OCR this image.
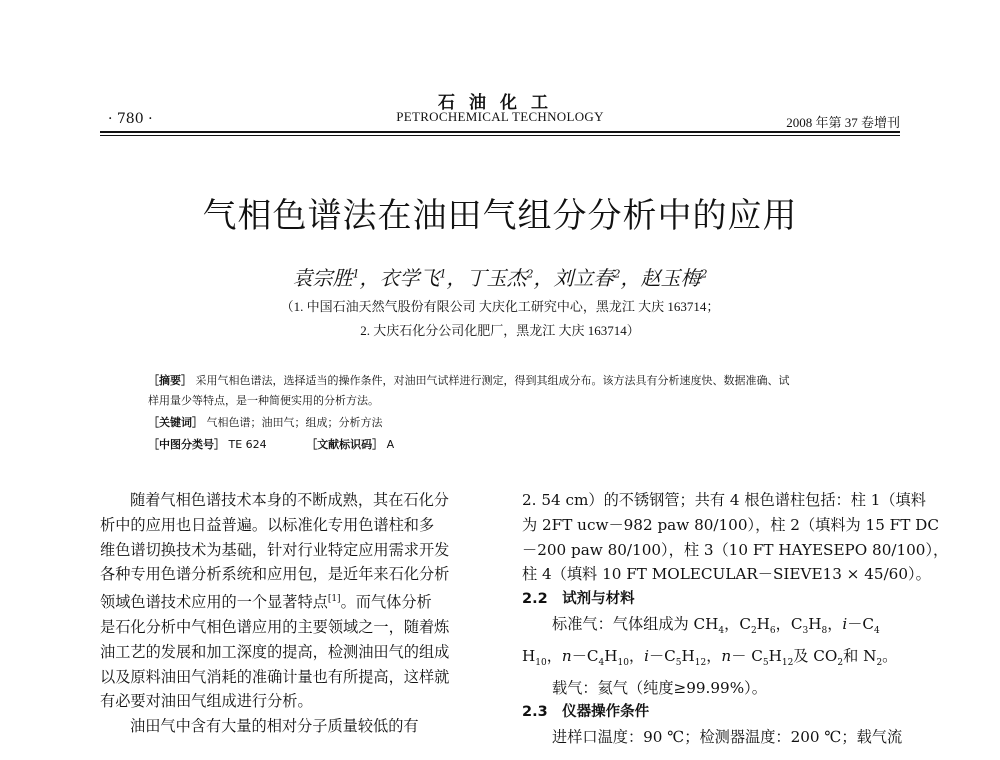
石油化工
· 780 ·	PETROCHEMICAL TECHNOLOGY	2008 年第 37 卷增刊
气相色谱法在油田气组分分析中的应用
袁宗胜$^1$，衣学飞$^1$，丁玉杰$^2$，刘立春$^2$，赵玉梅$^2$
（1. 中国石油天然气股份有限公司 大庆化工研究中心，黑龙江 大庆 163714；
2. 大庆石化分公司化肥厂，黑龙江 大庆 163714）
［摘要］ 采用气相色谱法，选择适当的操作条件，对油田气试样进行测定，得到其组成分布。该方法具有分析速度快、数据准确、试
样用量少等特点，是一种简便实用的分析方法。
［关键词］ 气相色谱；油田气；组成；分析方法
［中图分类号］ TE 624	［文献标识码］ A

随着气相色谱技术本身的不断成熟，其在石化分

析中的应用也日益普遍。以标准化专用色谱柱和多

维色谱切换技术为基础，针对行业特定应用需求开发

各种专用色谱分析系统和应用包，是近年来石化分析

领域色谱技术应用的一个显著特点[1]。而气体分析

是石化分析中气相色谱应用的主要领域之一，随着炼

油工艺的发展和加工深度的提高，检测油田气的组成

以及原料油田气消耗的准确计量也有所提高，这样就

有必要对油田气组成进行分析。

油田气中含有大量的相对分子质量较低的有

2. 54 cm）的不锈钢管；共有 4 根色谱柱包括：柱 1（填料

为 2FT ucw－982 paw 80/100），柱 2（填料为 15 FT DC

－200 paw 80/100），柱 3（10 FT HAYESEPO 80/100），

柱 4（填料 10 FT MOLECULAR－SIEVE13 × 45/60）。

2.2　试剂与材料

标准气：气体组成为 $CH_4$，$C_2H_6$，$C_3H_8$，$i-C_4$

$H_{10}$，$n-C_4H_{10}$，$i-C_5H_{12}$，$n- C_5H_{12}$及 $CO_2$和 $N_2$。

载气：氦气（纯度≥99.99%）。

2.3　仪器操作条件

进样口温度：90 ℃；检测器温度：200 ℃；载气流
